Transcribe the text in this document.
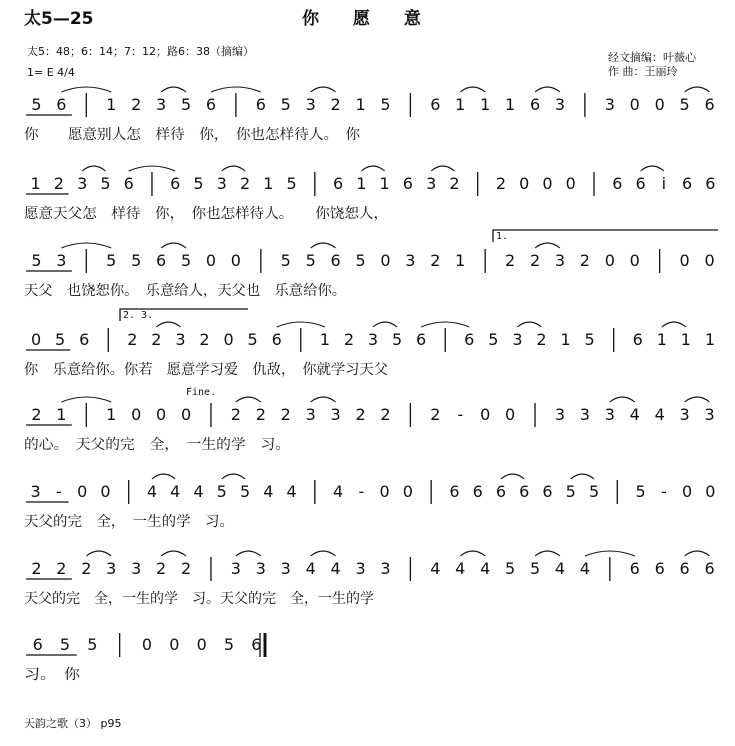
太5—25	你 愿 意
太5：48；6：14；7：12；路6：38（摘编）
1= E 4/4
经文摘编：叶薇心
作 曲：王丽玲
5 6 1 2 3 5 6 6 5 3 2 1 5 6 1 1 1 6 3 3 0 0 5 6
你　　愿意别人怎　样待　你，　你也怎样待人。　你
1 2 3 5 6 6 5 3 2 1 5 6 1 1 6 3 2 2 0 0 0 6 6 i 6 6
愿意天父怎　样待　你，　你也怎样待人。　　你饶恕人，
5 3 5 5 6 5 0 0 5 5 6 5 0 3 2 1 2 2 3 2 0 0 0 0
天父　也饶恕你。　乐意给人，天父也　乐意给你。
1.
0 5 6 2 2 3 2 0 5 6 1 2 3 5 6 6 5 3 2 1 5 6 1 1 1
你　乐意给你。你若　愿意学习爱　仇敌，　你就学习天父
2. 3.
2 1 1 0 0 0 2 2 2 3 3 2 2 2 - 0 0 3 3 3 4 4 3 3
的心。　天父的完　全，　一生的学　习。
Fine.
3 - 0 0 4 4 4 5 5 4 4 4 - 0 0 6 6 6 6 6 5 5 5 - 0 0
天父的完　全，　一生的学　习。
2 2 2 3 3 2 2 3 3 3 4 4 3 3 4 4 4 5 5 4 4 6 6 6 6
天父的完　全，一生的学　习。天父的完　全，一生的学
6 5 5	0 0 0 5 6
习。　你
天韵之歌（3） p95
